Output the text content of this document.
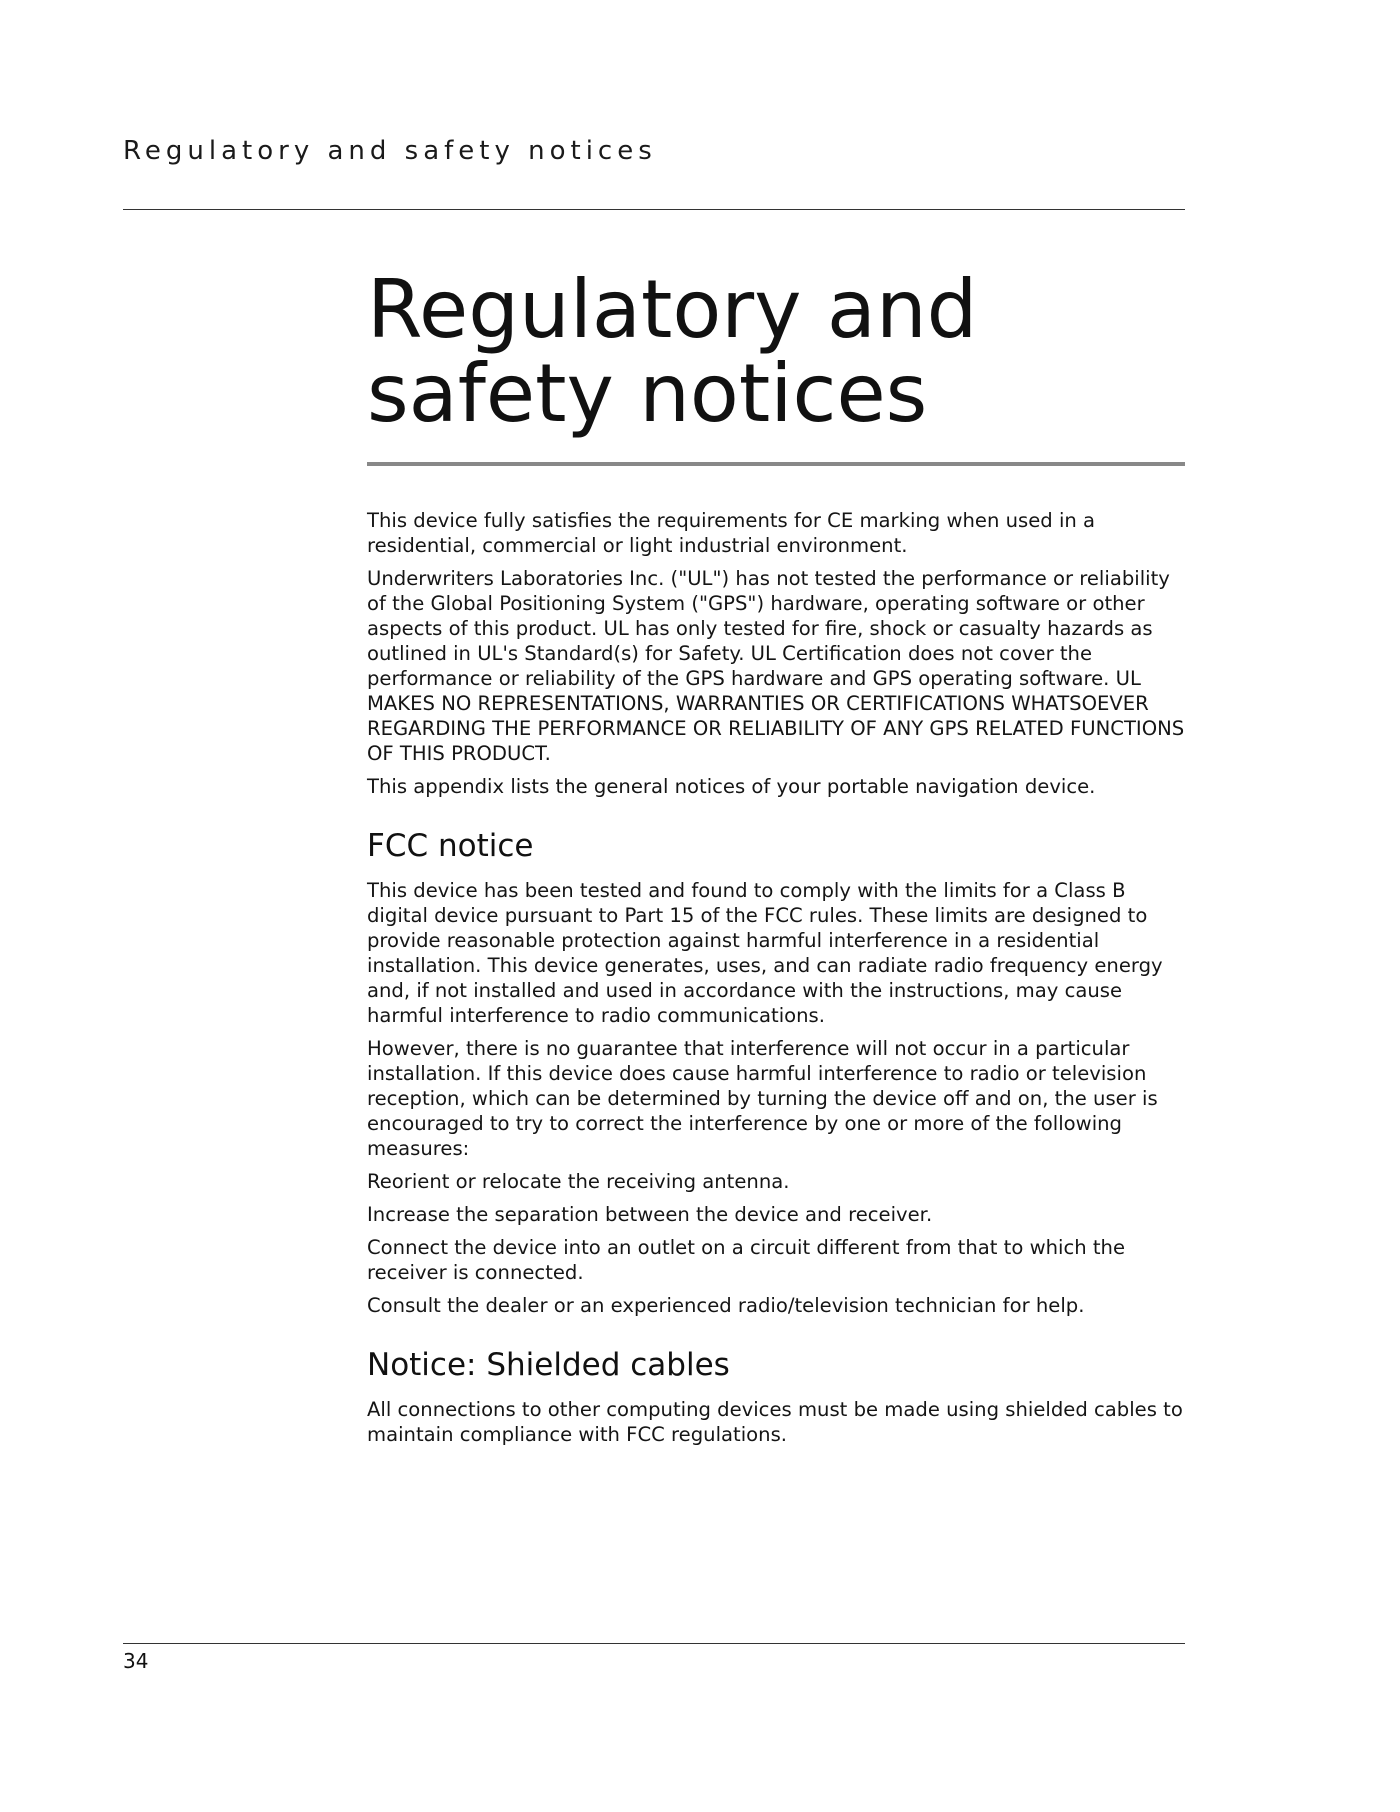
Regulatory and safety notices
Regulatory and
safety notices

This device fully satisfies the requirements for CE marking when used in a residential, commercial or light industrial environment.

Underwriters Laboratories Inc. ("UL") has not tested the performance or reliability of the Global Positioning System ("GPS") hardware, operating software or other aspects of this product. UL has only tested for fire, shock or casualty hazards as outlined in UL's Standard(s) for Safety. UL Certification does not cover the performance or reliability of the GPS hardware and GPS operating software. UL MAKES NO REPRESENTATIONS, WARRANTIES OR CERTIFICATIONS WHATSOEVER REGARDING THE PERFORMANCE OR RELIABILITY OF ANY GPS RELATED FUNCTIONS OF THIS PRODUCT.

This appendix lists the general notices of your portable navigation device.

FCC notice

This device has been tested and found to comply with the limits for a Class B digital device pursuant to Part 15 of the FCC rules. These limits are designed to provide reasonable protection against harmful interference in a residential installation. This device generates, uses, and can radiate radio frequency energy and, if not installed and used in accordance with the instructions, may cause harmful interference to radio communications.

However, there is no guarantee that interference will not occur in a particular installation. If this device does cause harmful interference to radio or television reception, which can be determined by turning the device off and on, the user is encouraged to try to correct the interference by one or more of the following measures:

Reorient or relocate the receiving antenna.

Increase the separation between the device and receiver.

Connect the device into an outlet on a circuit different from that to which the receiver is connected.

Consult the dealer or an experienced radio/television technician for help.

Notice: Shielded cables

All connections to other computing devices must be made using shielded cables to maintain compliance with FCC regulations.

34
